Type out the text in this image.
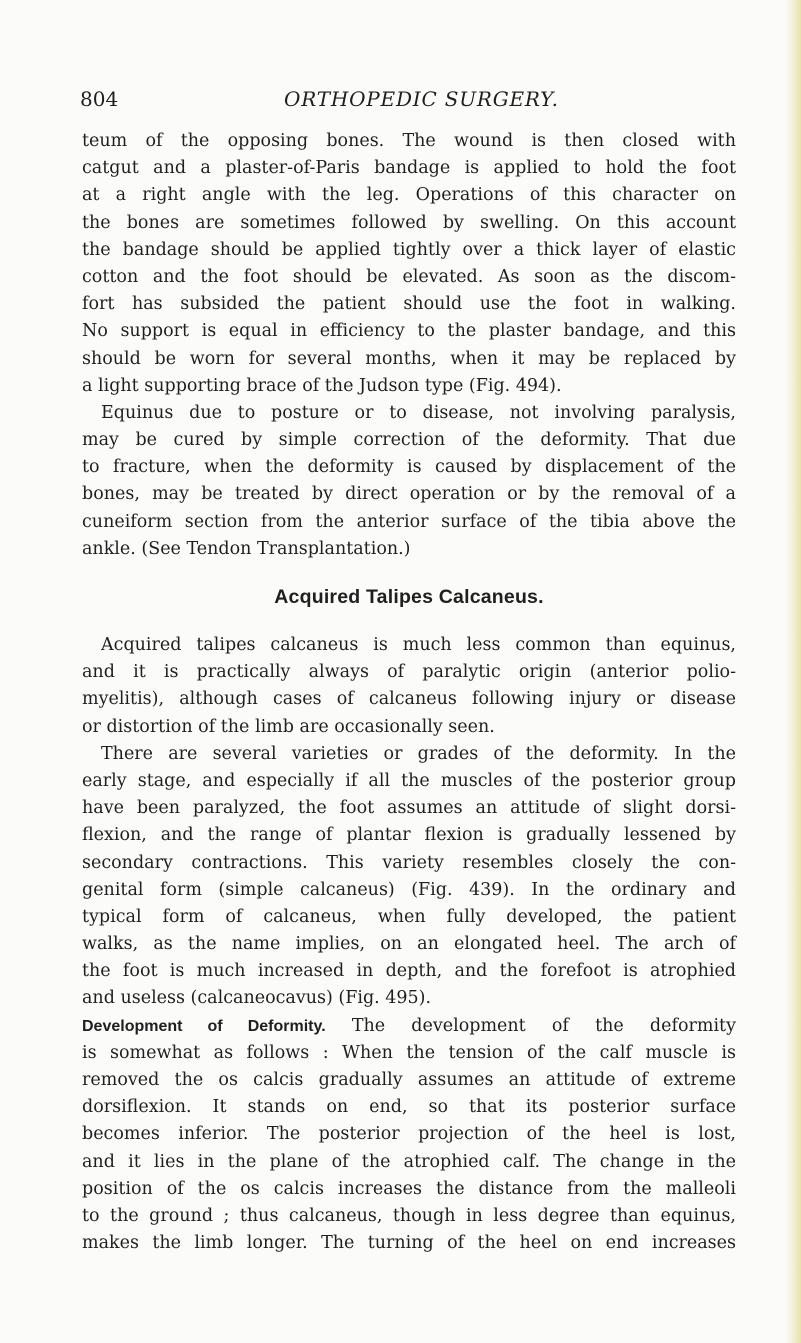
804	ORTHOPEDIC SURGERY.
teum of the opposing bones. The wound is then closed with
catgut and a plaster-of-Paris bandage is applied to hold the foot
at a right angle with the leg. Operations of this character on
the bones are sometimes followed by swelling. On this account
the bandage should be applied tightly over a thick layer of elastic
cotton and the foot should be elevated. As soon as the discom-
fort has subsided the patient should use the foot in walking.
No support is equal in efficiency to the plaster bandage, and this
should be worn for several months, when it may be replaced by
a light supporting brace of the Judson type (Fig. 494).
Equinus due to posture or to disease, not involving paralysis,
may be cured by simple correction of the deformity. That due
to fracture, when the deformity is caused by displacement of the
bones, may be treated by direct operation or by the removal of a
cuneiform section from the anterior surface of the tibia above the
ankle. (See Tendon Transplantation.)
Acquired Talipes Calcaneus.
Acquired talipes calcaneus is much less common than equinus,
and it is practically always of paralytic origin (anterior polio-
myelitis), although cases of calcaneus following injury or disease
or distortion of the limb are occasionally seen.
There are several varieties or grades of the deformity. In the
early stage, and especially if all the muscles of the posterior group
have been paralyzed, the foot assumes an attitude of slight dorsi-
flexion, and the range of plantar flexion is gradually lessened by
secondary contractions. This variety resembles closely the con-
genital form (simple calcaneus) (Fig. 439). In the ordinary and
typical form of calcaneus, when fully developed, the patient
walks, as the name implies, on an elongated heel. The arch of
the foot is much increased in depth, and the forefoot is atrophied
and useless (calcaneocavus) (Fig. 495).
Development of Deformity. The development of the deformity
is somewhat as follows : When the tension of the calf muscle is
removed the os calcis gradually assumes an attitude of extreme
dorsiflexion. It stands on end, so that its posterior surface
becomes inferior. The posterior projection of the heel is lost,
and it lies in the plane of the atrophied calf. The change in the
position of the os calcis increases the distance from the malleoli
to the ground ; thus calcaneus, though in less degree than equinus,
makes the limb longer. The turning of the heel on end increases
